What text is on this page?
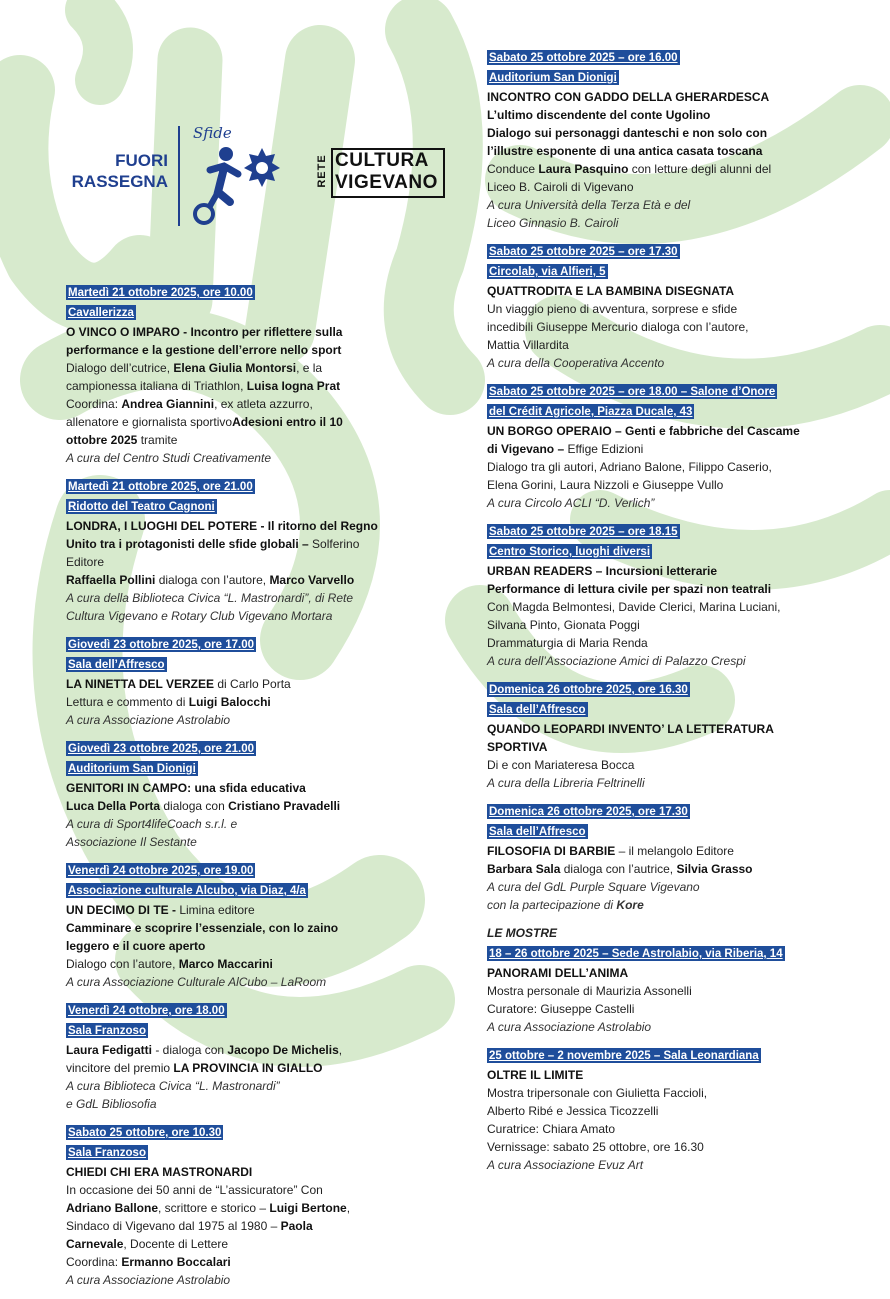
FUORI
RASSEGNA
Sfide
RETE CULTURA
VIGEVANO
Martedì 21 ottobre 2025, ore 10.00
Cavallerizza
O VINCO O IMPARO - Incontro per riflettere sulla
performance e la gestione dell’errore nello sport
Dialogo dell’cutrice, Elena Giulia Montorsi, e la
campionessa italiana di Triathlon, Luisa Iogna Prat
Coordina: Andrea Giannini, ex atleta azzurro,
allenatore e giornalista sportivoAdesioni entro il 10
ottobre 2025 tramite
A cura del Centro Studi Creativamente
Martedì 21 ottobre 2025, ore 21.00
Ridotto del Teatro Cagnoni
LONDRA, I LUOGHI DEL POTERE - Il ritorno del Regno
Unito tra i protagonisti delle sfide globali – Solferino
Editore
Raffaella Pollini dialoga con l’autore, Marco Varvello
A cura della Biblioteca Civica “L. Mastronardi”, di Rete
Cultura Vigevano e Rotary Club Vigevano Mortara
Giovedì 23 ottobre 2025, ore 17.00
Sala dell’Affresco
LA NINETTA DEL VERZEE di Carlo Porta
Lettura e commento di Luigi Balocchi
A cura Associazione Astrolabio
Giovedì 23 ottobre 2025, ore 21.00
Auditorium San Dionigi
GENITORI IN CAMPO: una sfida educativa
Luca Della Porta dialoga con Cristiano Pravadelli
A cura di Sport4lifeCoach s.r.l. e
Associazione Il Sestante
Venerdì 24 ottobre 2025, ore 19.00
Associazione culturale Alcubo, via Diaz, 4/a
UN DECIMO DI TE - Limina editore
Camminare e scoprire l’essenziale, con lo zaino
leggero e il cuore aperto
Dialogo con l’autore, Marco Maccarini
A cura Associazione Culturale AlCubo – LaRoom
Venerdì 24 ottobre, ore 18.00
Sala Franzoso
Laura Fedigatti - dialoga con Jacopo De Michelis,
vincitore del premio LA PROVINCIA IN GIALLO
A cura Biblioteca Civica “L. Mastronardi”
e GdL Bibliosofia
Sabato 25 ottobre, ore 10.30
Sala Franzoso
CHIEDI CHI ERA MASTRONARDI
In occasione dei 50 anni de “L’assicuratore” Con
Adriano Ballone, scrittore e storico – Luigi Bertone,
Sindaco di Vigevano dal 1975 al 1980 – Paola
Carnevale, Docente di Lettere
Coordina: Ermanno Boccalari
A cura Associazione Astrolabio
Sabato 25 ottobre 2025 – ore 16.00
Auditorium San Dionigi
INCONTRO CON GADDO DELLA GHERARDESCA
L’ultimo discendente del conte Ugolino
Dialogo sui personaggi danteschi e non solo con
l’illustre esponente di una antica casata toscana
Conduce Laura Pasquino con letture degli alunni del
Liceo B. Cairoli di Vigevano
A cura Università della Terza Età e del
Liceo Ginnasio B. Cairoli
Sabato 25 ottobre 2025 – ore 17.30
Circolab, via Alfieri, 5
QUATTRODITA E LA BAMBINA DISEGNATA
Un viaggio pieno di avventura, sorprese e sfide
incedibili Giuseppe Mercurio dialoga con l’autore,
Mattia Villardita
A cura della Cooperativa Accento
Sabato 25 ottobre 2025 – ore 18.00 – Salone d’Onore
del Crédit Agricole, Piazza Ducale, 43
UN BORGO OPERAIO – Genti e fabbriche del Cascame
di Vigevano – Effige Edizioni
Dialogo tra gli autori, Adriano Balone, Filippo Caserio,
Elena Gorini, Laura Nizzoli e Giuseppe Vullo
A cura Circolo ACLI “D. Verlich”
Sabato 25 ottobre 2025 – ore 18.15
Centro Storico, luoghi diversi
URBAN READERS – Incursioni letterarie
Performance di lettura civile per spazi non teatrali
Con Magda Belmontesi, Davide Clerici, Marina Luciani,
Silvana Pinto, Gionata Poggi
Drammaturgia di Maria Renda
A cura dell’Associazione Amici di Palazzo Crespi
Domenica 26 ottobre 2025, ore 16.30
Sala dell’Affresco
QUANDO LEOPARDI INVENTO’ LA LETTERATURA
SPORTIVA
Di e con Mariateresa Bocca
A cura della Libreria Feltrinelli
Domenica 26 ottobre 2025, ore 17.30
Sala dell’Affresco
FILOSOFIA DI BARBIE – il melangolo Editore
Barbara Sala dialoga con l’autrice, Silvia Grasso
A cura del GdL Purple Square Vigevano
con la partecipazione di Kore
LE MOSTRE
18 – 26 ottobre 2025 – Sede Astrolabio, via Riberia, 14
PANORAMI DELL’ANIMA
Mostra personale di Maurizia Assonelli
Curatore: Giuseppe Castelli
A cura Associazione Astrolabio
25 ottobre – 2 novembre 2025 – Sala Leonardiana
OLTRE IL LIMITE
Mostra tripersonale con Giulietta Faccioli,
Alberto Ribé e Jessica Ticozzelli
Curatrice: Chiara Amato
Vernissage: sabato 25 ottobre, ore 16.30
A cura Associazione Evuz Art
